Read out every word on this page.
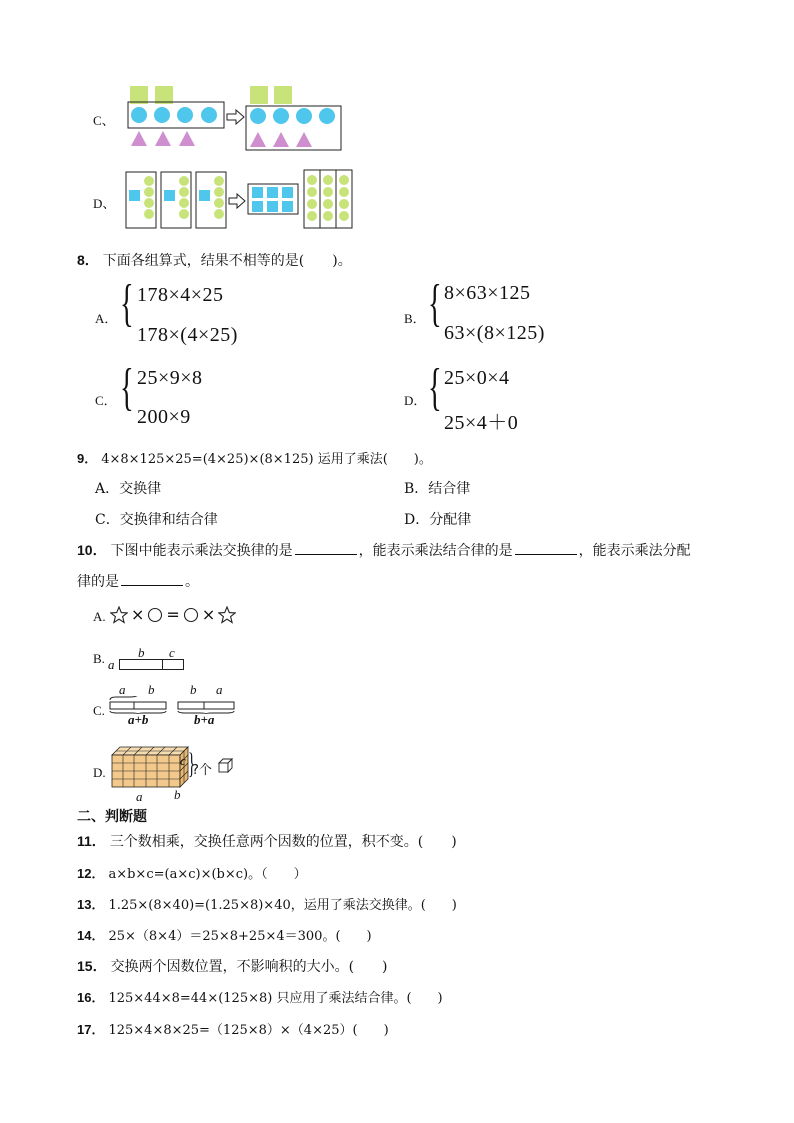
C、
D、
8． 下面各组算式，结果不相等的是(　　)。
A． { 178×4×25
178×(4×25)
B． { 8×63×125
63×(8×125)
C． { 25×9×8
200×9
D． { 25×0×4
25×4＋0
9． 4×8×125×25=(4×25)×(8×125) 运用了乘法(　　)。
A．交换律	B．结合律
C．交换律和结合律	D．分配律
10． 下图中能表示乘法交换律的是	，能表示乘法结合律的是	，能表示乘法分配
律的是	。
A. × = ×
B. a
b c
C.
a b
a+b
b a
b+a
D.	}
c
?个
a b
二、判断题
11． 三个数相乘，交换任意两个因数的位置，积不变。(　　)
12． a×b×c=(a×c)×(b×c)。（　　）
13． 1.25×(8×40)=(1.25×8)×40，运用了乘法交换律。(　　)
14． 25×（8×4）＝25×8+25×4＝300。(　　)
15． 交换两个因数位置，不影响积的大小。(　　)
16． 125×44×8=44×(125×8) 只应用了乘法结合律。(　　)
17． 125×4×8×25=（125×8）×（4×25）(　　)
